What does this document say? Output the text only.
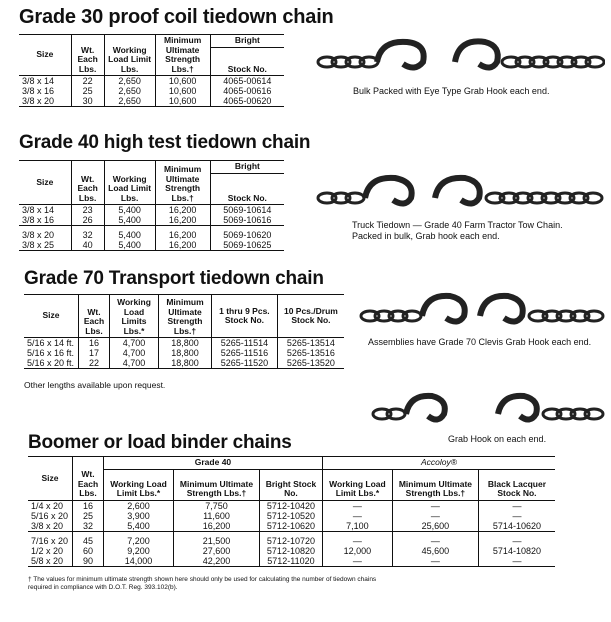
Grade 30 proof coil tiedown chain
Size	Wt. Each Lbs.	Working Load Limit Lbs.	Minimum Ultimate Strength Lbs.†	Bright
				Stock No.
3/8 x 14	22	2,650	10,600	4065-00614
3/8 x 16	25	2,650	10,600	4065-00616
3/8 x 20	30	2,650	10,600	4065-00620
Bulk Packed with Eye Type Grab Hook each end.
Grade 40 high test tiedown chain
Size	Wt. Each Lbs.	Working Load Limit Lbs.	Minimum Ultimate Strength Lbs.†	Bright
				Stock No.
3/8 x 14	23	5,400	16,200	5069-10614
3/8 x 16	26	5,400	16,200	5069-10616
3/8 x 20	32	5,400	16,200	5069-10620
3/8 x 25	40	5,400	16,200	5069-10625
Truck Tiedown — Grade 40 Farm Tractor Tow Chain.
Packed in bulk, Grab hook each end.
Grade 70 Transport tiedown chain
Size	Wt. Each Lbs.	Working Load Limits Lbs.*	Minimum Ultimate Strength Lbs.†	1 thru 9 Pcs. Stock No.	10 Pcs./Drum Stock No.
5/16 x 14 ft.	16	4,700	18,800	5265-11514	5265-13514
5/16 x 16 ft.	17	4,700	18,800	5265-11516	5265-13516
5/16 x 20 ft.	22	4,700	18,800	5265-11520	5265-13520
Other lengths available upon request.
Assemblies have Grade 70 Clevis Grab Hook each end.
Grab Hook on each end.
Boomer or load binder chains
Size	Wt. Each Lbs.	Grade 40			Accoloy®		
		Working Load Limit Lbs.*	Minimum Ultimate Strength Lbs.†	Bright Stock No.	Working Load Limit Lbs.*	Minimum Ultimate Strength Lbs.†	Black Lacquer Stock No.
1/4 x 20	16	2,600	7,750	5712-10420	—	—	—
5/16 x 20	25	3,900	11,600	5712-10520	—	—	—
3/8 x 20	32	5,400	16,200	5712-10620	7,100	25,600	5714-10620
7/16 x 20	45	7,200	21,500	5712-10720	—	—	—
1/2 x 20	60	9,200	27,600	5712-10820	12,000	45,600	5714-10820
5/8 x 20	90	14,000	42,200	5712-11020	—	—	—
† The values for minimum ultimate strength shown here should only be used for calculating the number of tiedown chains required in compliance with D.O.T. Reg. 393.102(b).
